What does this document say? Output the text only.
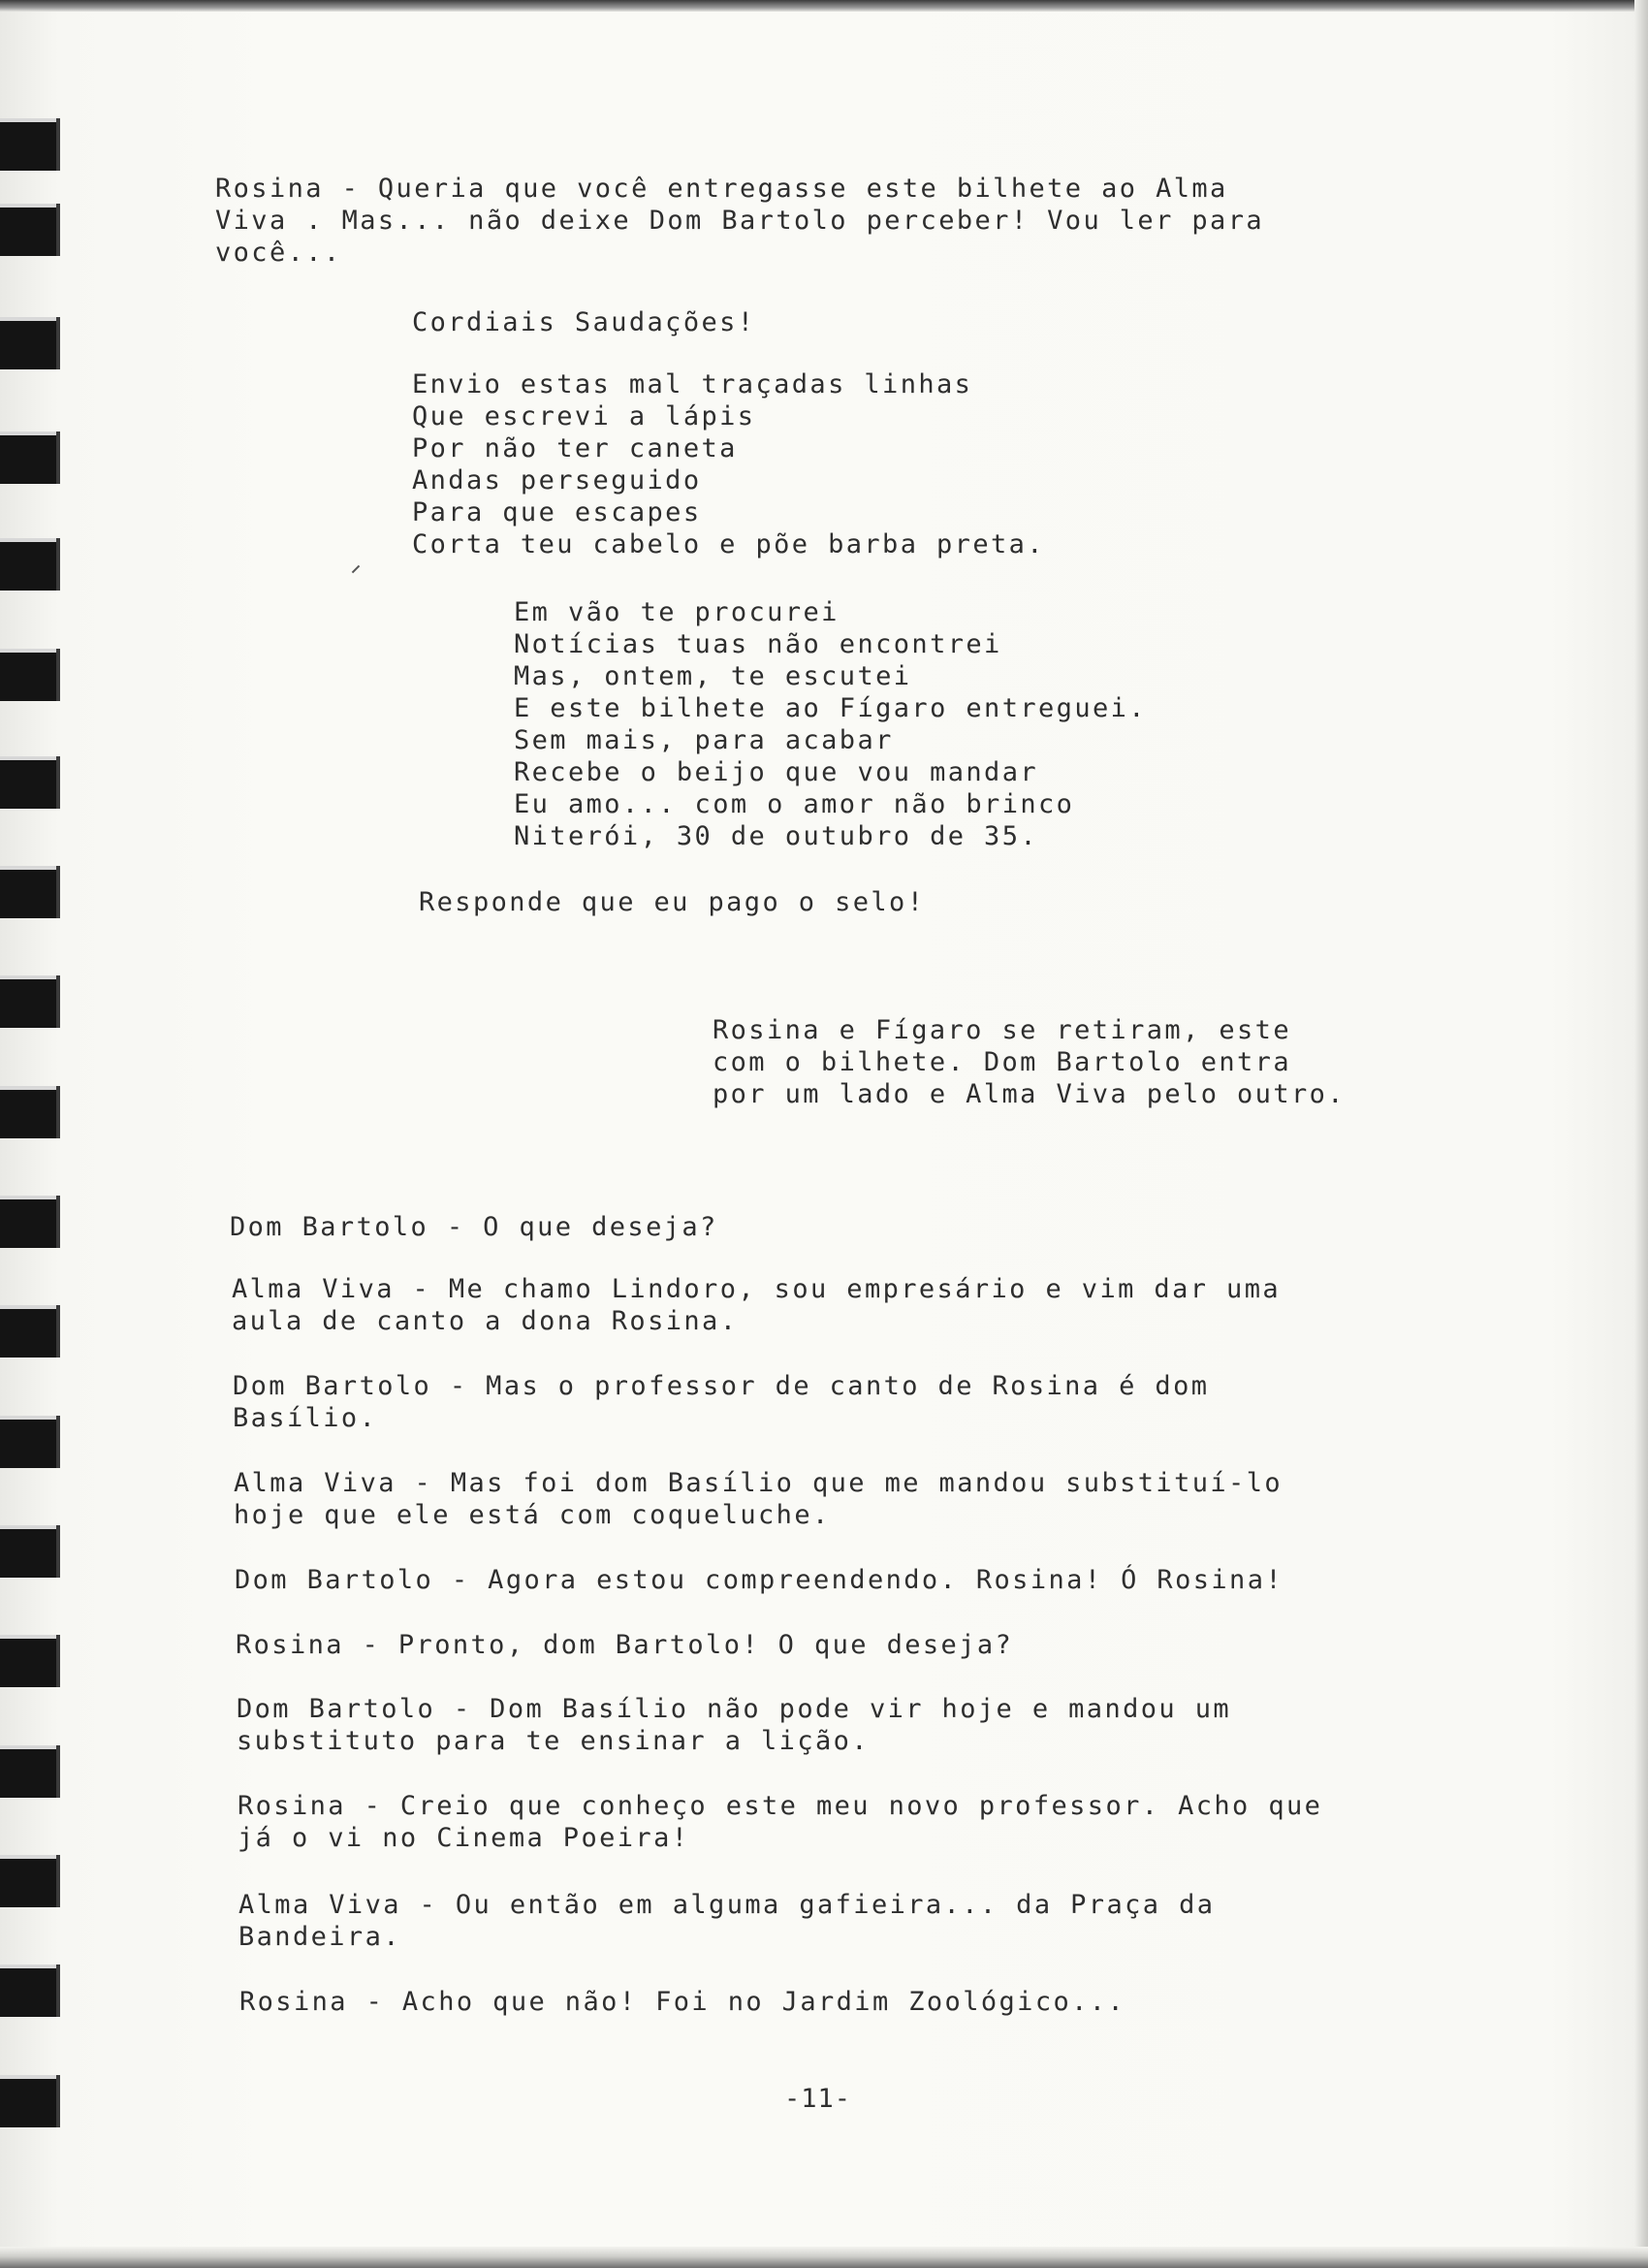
Rosina - Queria que você entregasse este bilhete ao Alma
Viva . Mas... não deixe Dom Bartolo perceber! Vou ler para
você...
Cordiais Saudações!
Envio estas mal traçadas linhas
Que escrevi a lápis
Por não ter caneta
Andas perseguido
Para que escapes
Corta teu cabelo e põe barba preta.
Em vão te procurei
Notícias tuas não encontrei
Mas, ontem, te escutei
E este bilhete ao Fígaro entreguei.
Sem mais, para acabar
Recebe o beijo que vou mandar
Eu amo... com o amor não brinco
Niterói, 30 de outubro de 35.
Responde que eu pago o selo!
Rosina e Fígaro se retiram, este
com o bilhete. Dom Bartolo entra
por um lado e Alma Viva pelo outro.
Dom Bartolo - O que deseja?
Alma Viva - Me chamo Lindoro, sou empresário e vim dar uma
aula de canto a dona Rosina.
Dom Bartolo - Mas o professor de canto de Rosina é dom
Basílio.
Alma Viva - Mas foi dom Basílio que me mandou substituí-lo
hoje que ele está com coqueluche.
Dom Bartolo - Agora estou compreendendo. Rosina! Ó Rosina!
Rosina - Pronto, dom Bartolo! O que deseja?
Dom Bartolo - Dom Basílio não pode vir hoje e mandou um
substituto para te ensinar a lição.
Rosina - Creio que conheço este meu novo professor. Acho que
já o vi no Cinema Poeira!
Alma Viva - Ou então em alguma gafieira... da Praça da
Bandeira.
Rosina - Acho que não! Foi no Jardim Zoológico...
-11-
